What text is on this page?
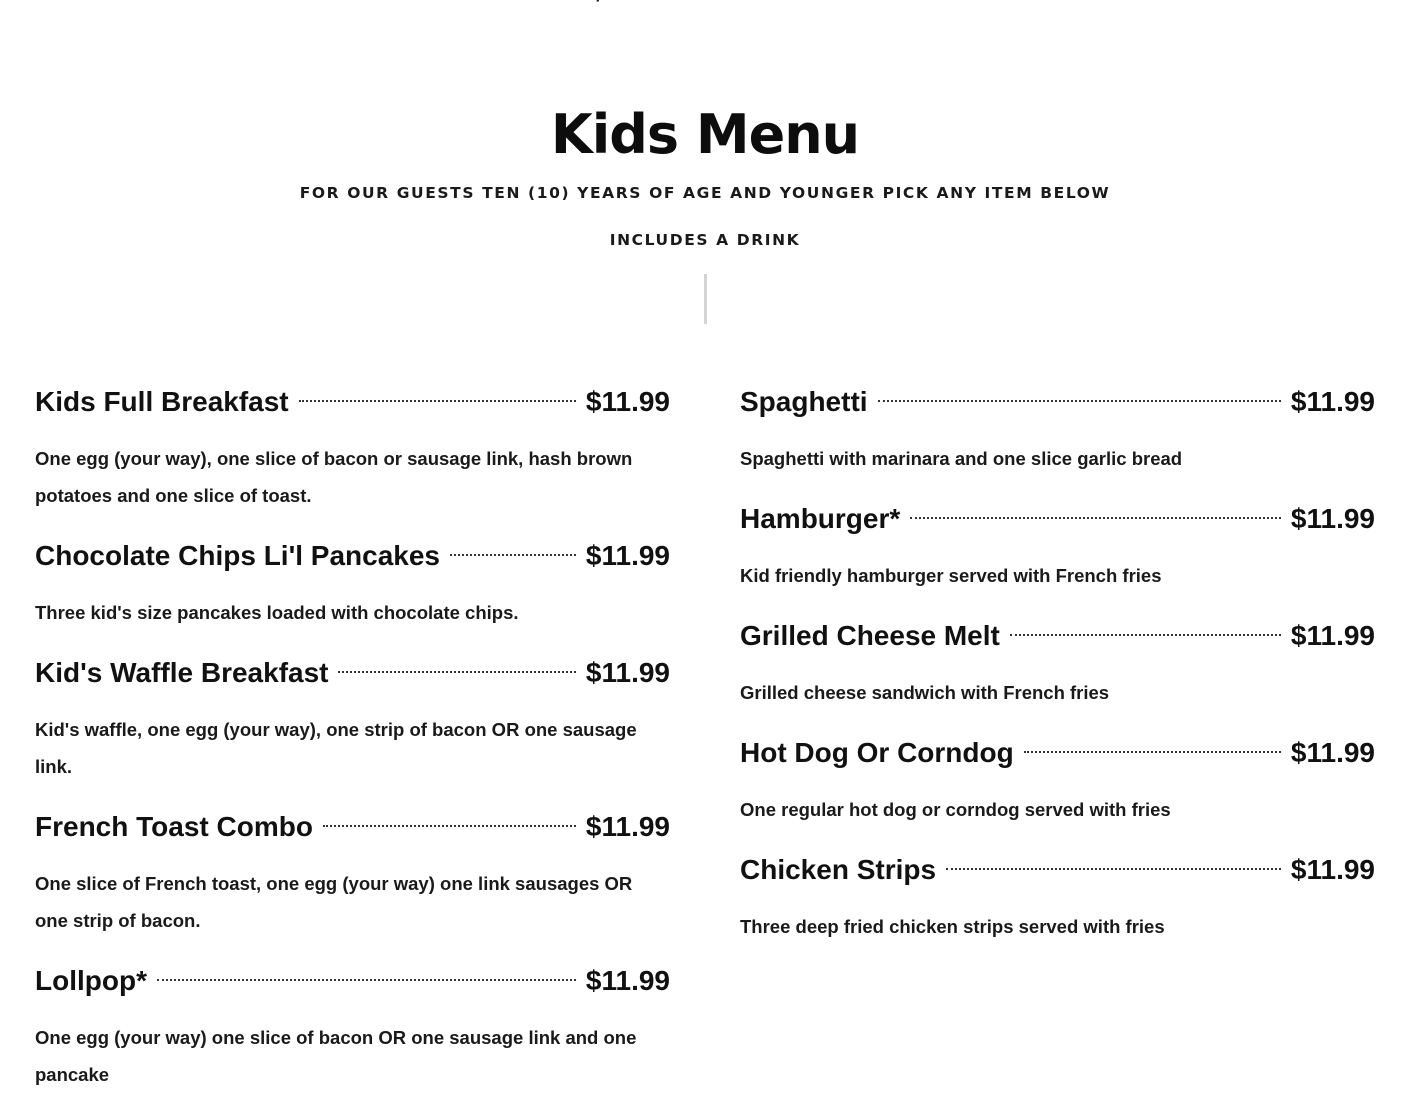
Kids Menu

FOR OUR GUESTS TEN (10) YEARS OF AGE AND YOUNGER PICK ANY ITEM BELOW

INCLUDES A DRINK

Kids Full Breakfast	$11.99
One egg (your way), one slice of bacon or sausage link, hash brown potatoes and one slice of toast.
Chocolate Chips Li'l Pancakes	$11.99
Three kid's size pancakes loaded with chocolate chips.
Kid's Waffle Breakfast	$11.99
Kid's waffle, one egg (your way), one strip of bacon OR one sausage link.
French Toast Combo	$11.99
One slice of French toast, one egg (your way) one link sausages OR one strip of bacon.
Lollpop*	$11.99
One egg (your way) one slice of bacon OR one sausage link and one pancake
Spaghetti	$11.99
Spaghetti with marinara and one slice garlic bread
Hamburger*	$11.99
Kid friendly hamburger served with French fries
Grilled Cheese Melt	$11.99
Grilled cheese sandwich with French fries
Hot Dog Or Corndog	$11.99
One regular hot dog or corndog served with fries
Chicken Strips	$11.99
Three deep fried chicken strips served with fries
